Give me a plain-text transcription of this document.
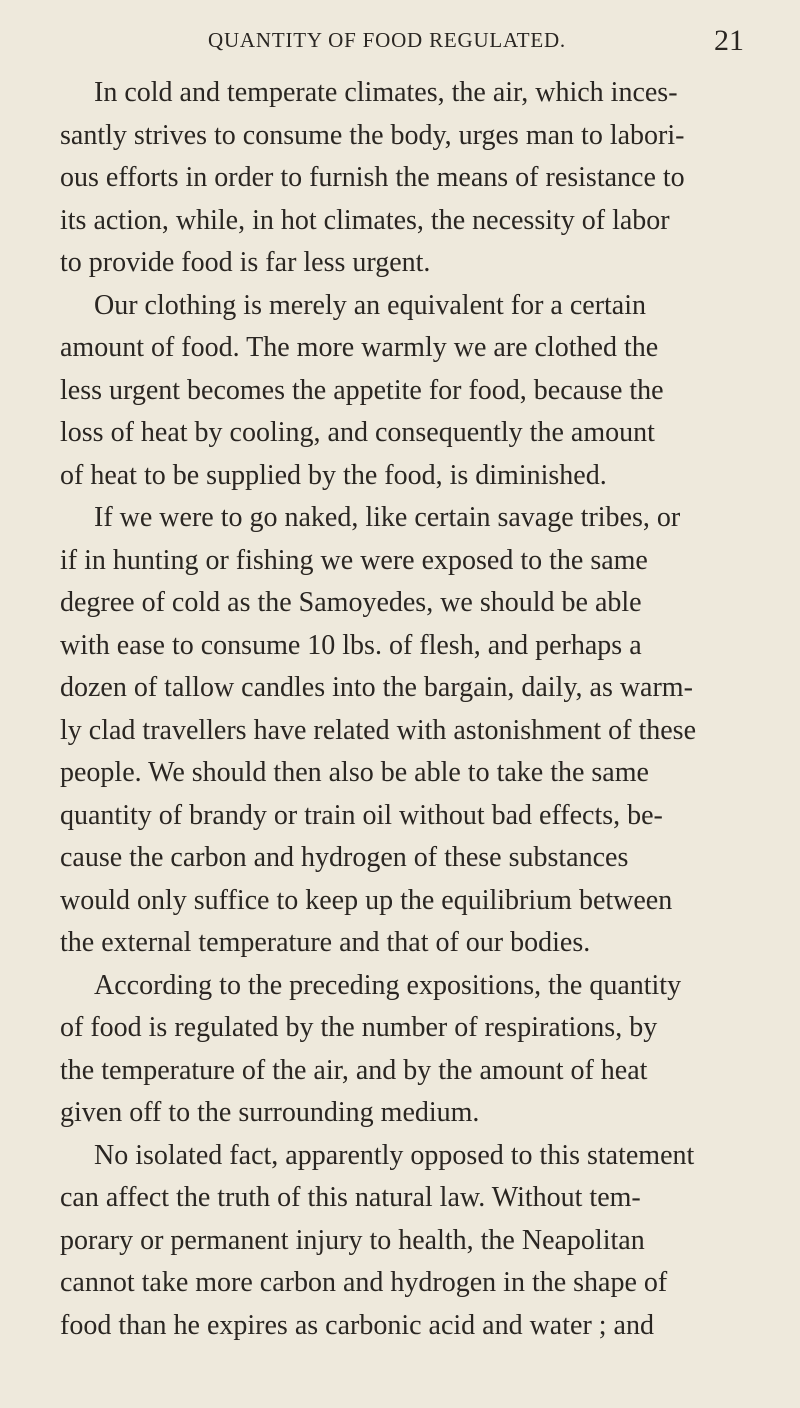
QUANTITY OF FOOD REGULATED.	21

In cold and temperate climates, the air, which inces-
santly strives to consume the body, urges man to labori-
ous efforts in order to furnish the means of resistance to
its action, while, in hot climates, the necessity of labor
to provide food is far less urgent.

Our clothing is merely an equivalent for a certain
amount of food. The more warmly we are clothed the
less urgent becomes the appetite for food, because the
loss of heat by cooling, and consequently the amount
of heat to be supplied by the food, is diminished.

If we were to go naked, like certain savage tribes, or
if in hunting or fishing we were exposed to the same
degree of cold as the Samoyedes, we should be able
with ease to consume 10 lbs. of flesh, and perhaps a
dozen of tallow candles into the bargain, daily, as warm-
ly clad travellers have related with astonishment of these
people. We should then also be able to take the same
quantity of brandy or train oil without bad effects, be-
cause the carbon and hydrogen of these substances
would only suffice to keep up the equilibrium between
the external temperature and that of our bodies.

According to the preceding expositions, the quantity
of food is regulated by the number of respirations, by
the temperature of the air, and by the amount of heat
given off to the surrounding medium.

No isolated fact, apparently opposed to this statement
can affect the truth of this natural law. Without tem-
porary or permanent injury to health, the Neapolitan
cannot take more carbon and hydrogen in the shape of
food than he expires as carbonic acid and water ; and
